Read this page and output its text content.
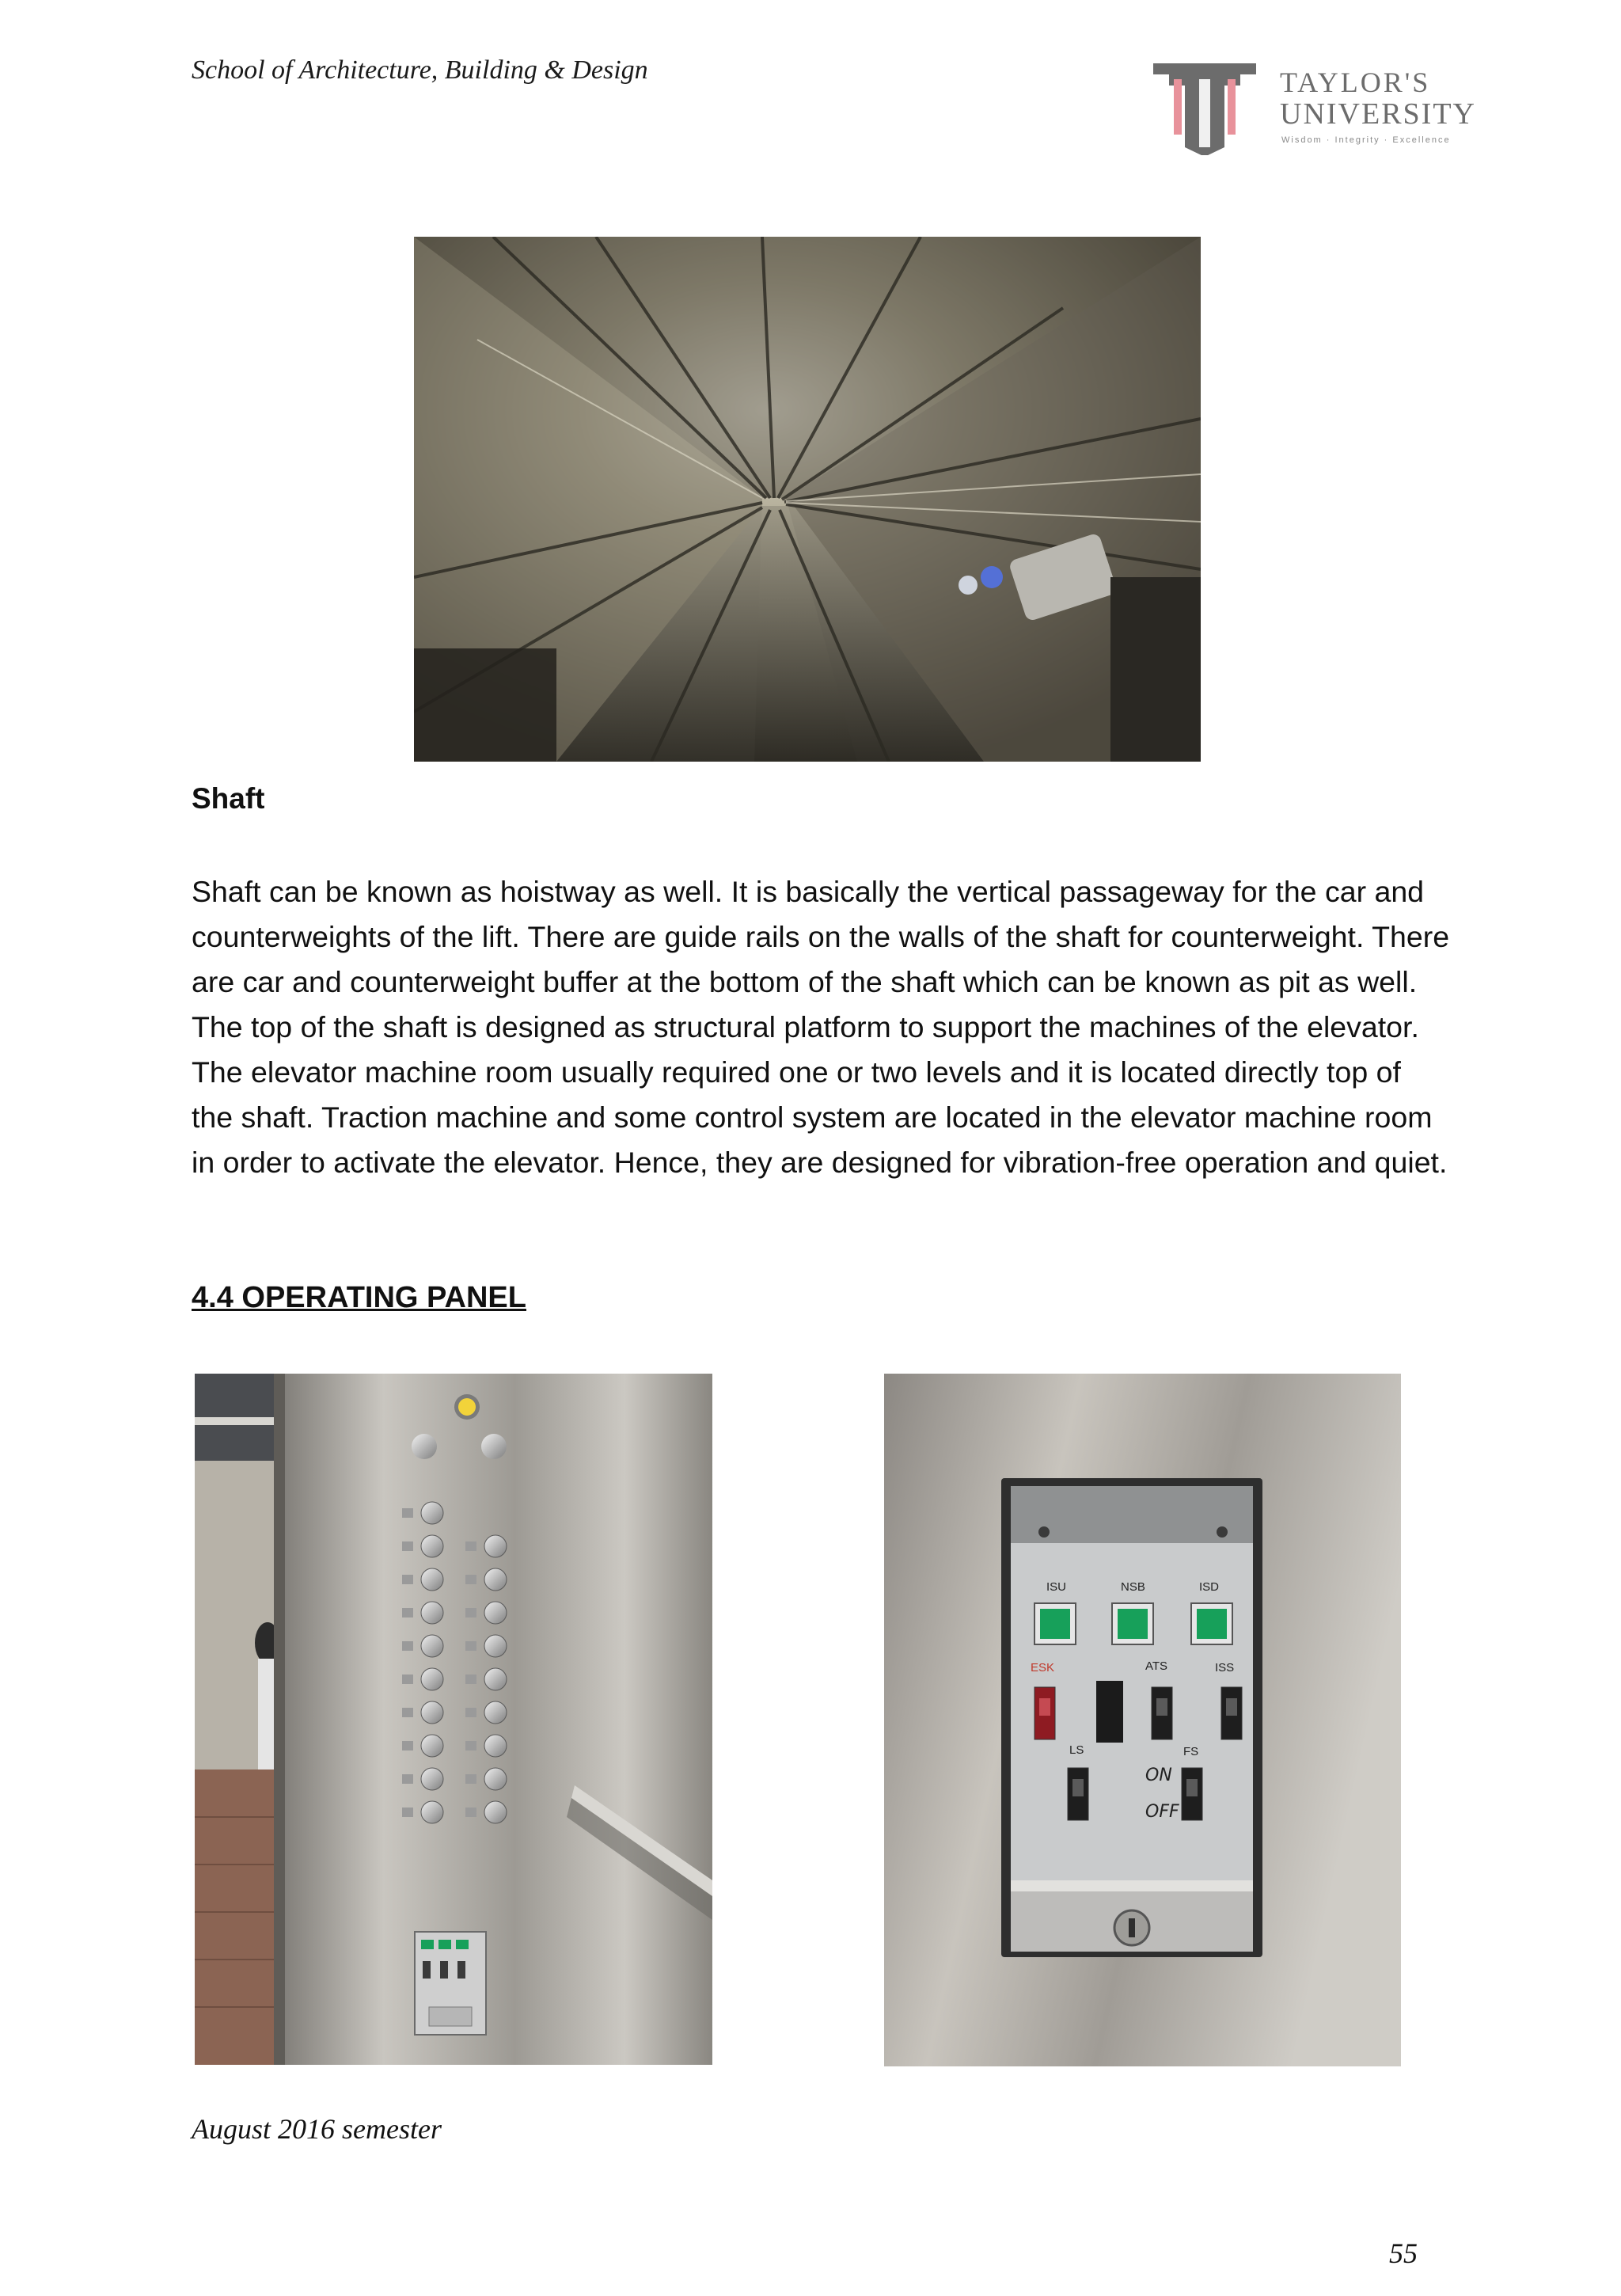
School of Architecture, Building & Design	TAYLOR'S
UNIVERSITY
Wisdom · Integrity · Excellence
Shaft
Shaft can be known as hoistway as well. It is basically the vertical passageway for the car and counterweights of the lift. There are guide rails on the walls of the shaft for counterweight. There are car and counterweight buffer at the bottom of the shaft which can be known as pit as well. The top of the shaft is designed as structural platform to support the machines of the elevator. The elevator machine room usually required one or two levels and it is located directly top of the shaft. Traction machine and some control system are located in the elevator machine room in order to activate the elevator. Hence, they are designed for vibration-free operation and quiet.
4.4 OPERATING PANEL
ISU	NSB	ISD
ESK	ATS	ISS
LS	FS
ON
OFF
August 2016 semester
55
